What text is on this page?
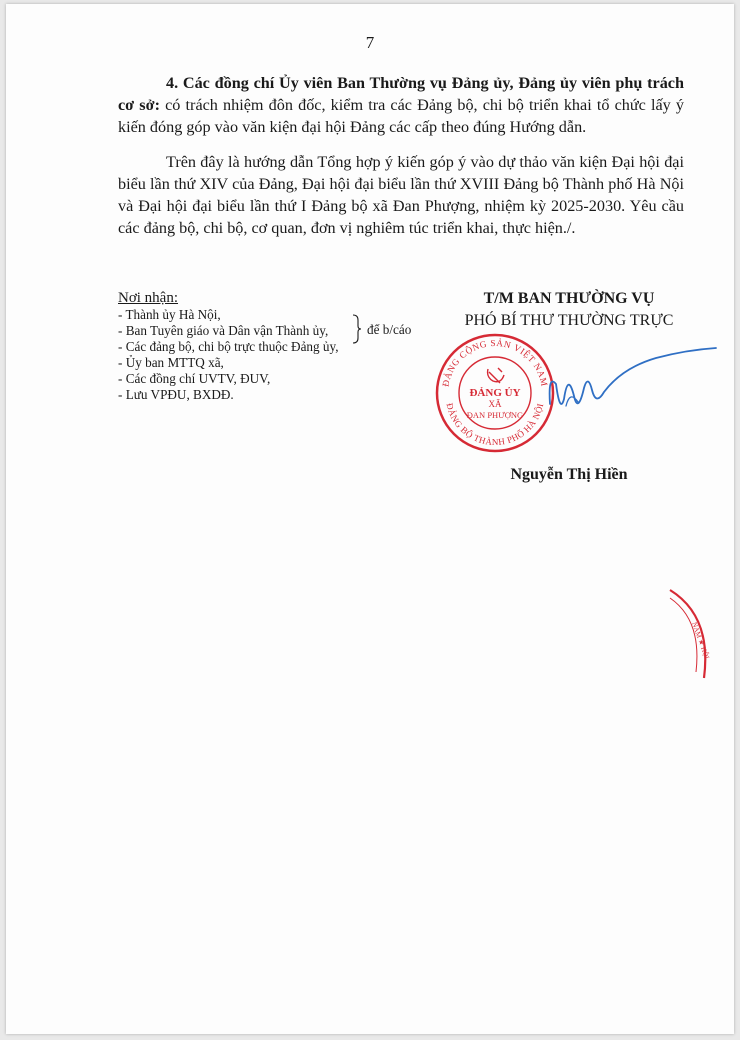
7

4. Các đồng chí Ủy viên Ban Thường vụ Đảng ủy, Đảng ủy viên phụ trách cơ sở: có trách nhiệm đôn đốc, kiểm tra các Đảng bộ, chi bộ triển khai tổ chức lấy ý kiến đóng góp vào văn kiện đại hội Đảng các cấp theo đúng Hướng dẫn.

Trên đây là hướng dẫn Tổng hợp ý kiến góp ý vào dự thảo văn kiện Đại hội đại biểu lần thứ XIV của Đảng, Đại hội đại biểu lần thứ XVIII Đảng bộ Thành phố Hà Nội và Đại hội đại biểu lần thứ I Đảng bộ xã Đan Phượng, nhiệm kỳ 2025-2030. Yêu cầu các đảng bộ, chi bộ, cơ quan, đơn vị nghiêm túc triển khai, thực hiện./.

Nơi nhận:
- Thành ủy Hà Nội,
- Ban Tuyên giáo và Dân vận Thành ủy,
- Các đảng bộ, chi bộ trực thuộc Đảng ủy,
- Ủy ban MTTQ xã,
- Các đồng chí UVTV, ĐUV,
- Lưu VPĐU, BXDĐ.
để b/cáo
T/M BAN THƯỜNG VỤ
PHÓ BÍ THƯ THƯỜNG TRỰC
ĐẢNG CỘNG SẢN VIỆT NAM
ĐẢNG BỘ THÀNH PHỐ HÀ NỘI
ĐẢNG ỦY
XÃ
ĐAN PHƯỢNG
Nguyễn Thị Hiền
NAM ★ HỘI
